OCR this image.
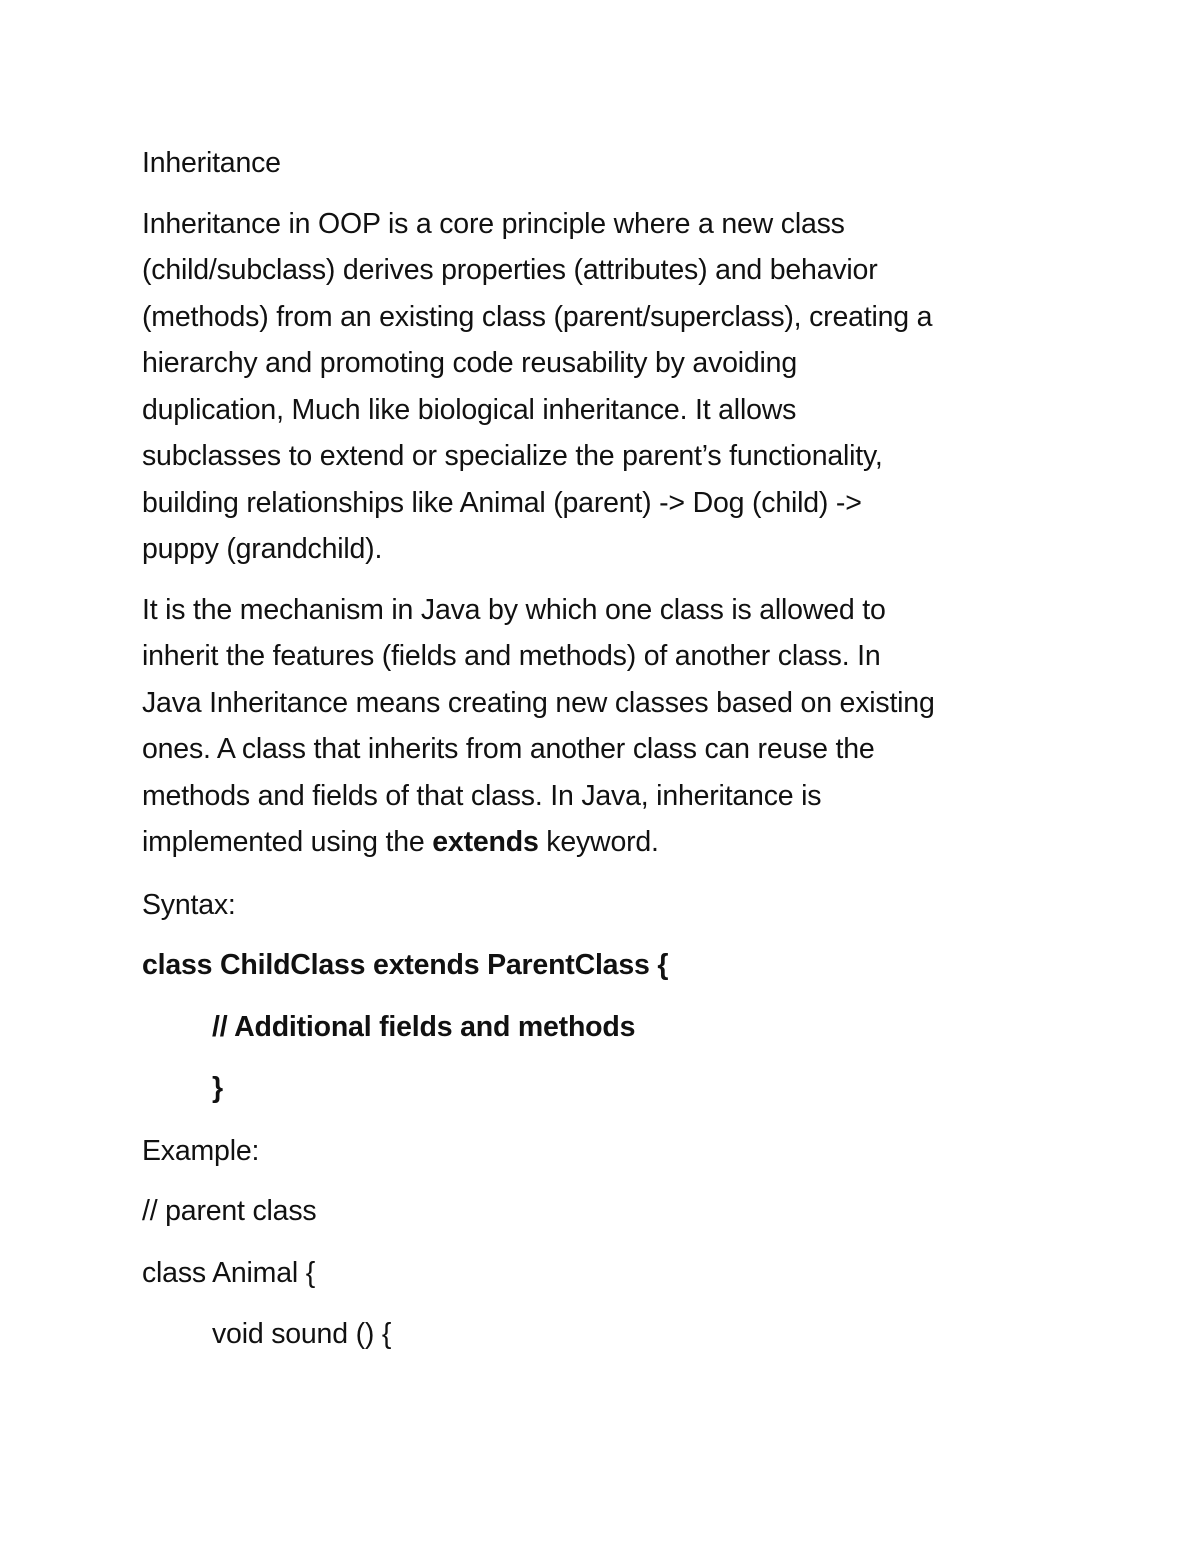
Inheritance

Inheritance in OOP is a core principle where a new class
(child/subclass) derives properties (attributes) and behavior
(methods) from an existing class (parent/superclass), creating a
hierarchy and promoting code reusability by avoiding
duplication, Much like biological inheritance. It allows
subclasses to extend or specialize the parent’s functionality,
building relationships like Animal (parent) -> Dog (child) ->
puppy (grandchild).

It is the mechanism in Java by which one class is allowed to
inherit the features (fields and methods) of another class. In
Java Inheritance means creating new classes based on existing
ones. A class that inherits from another class can reuse the
methods and fields of that class. In Java, inheritance is
implemented using the extends keyword.

Syntax:

class ChildClass extends ParentClass {
// Additional fields and methods
}

Example:

// parent class
class Animal {
void sound () {
